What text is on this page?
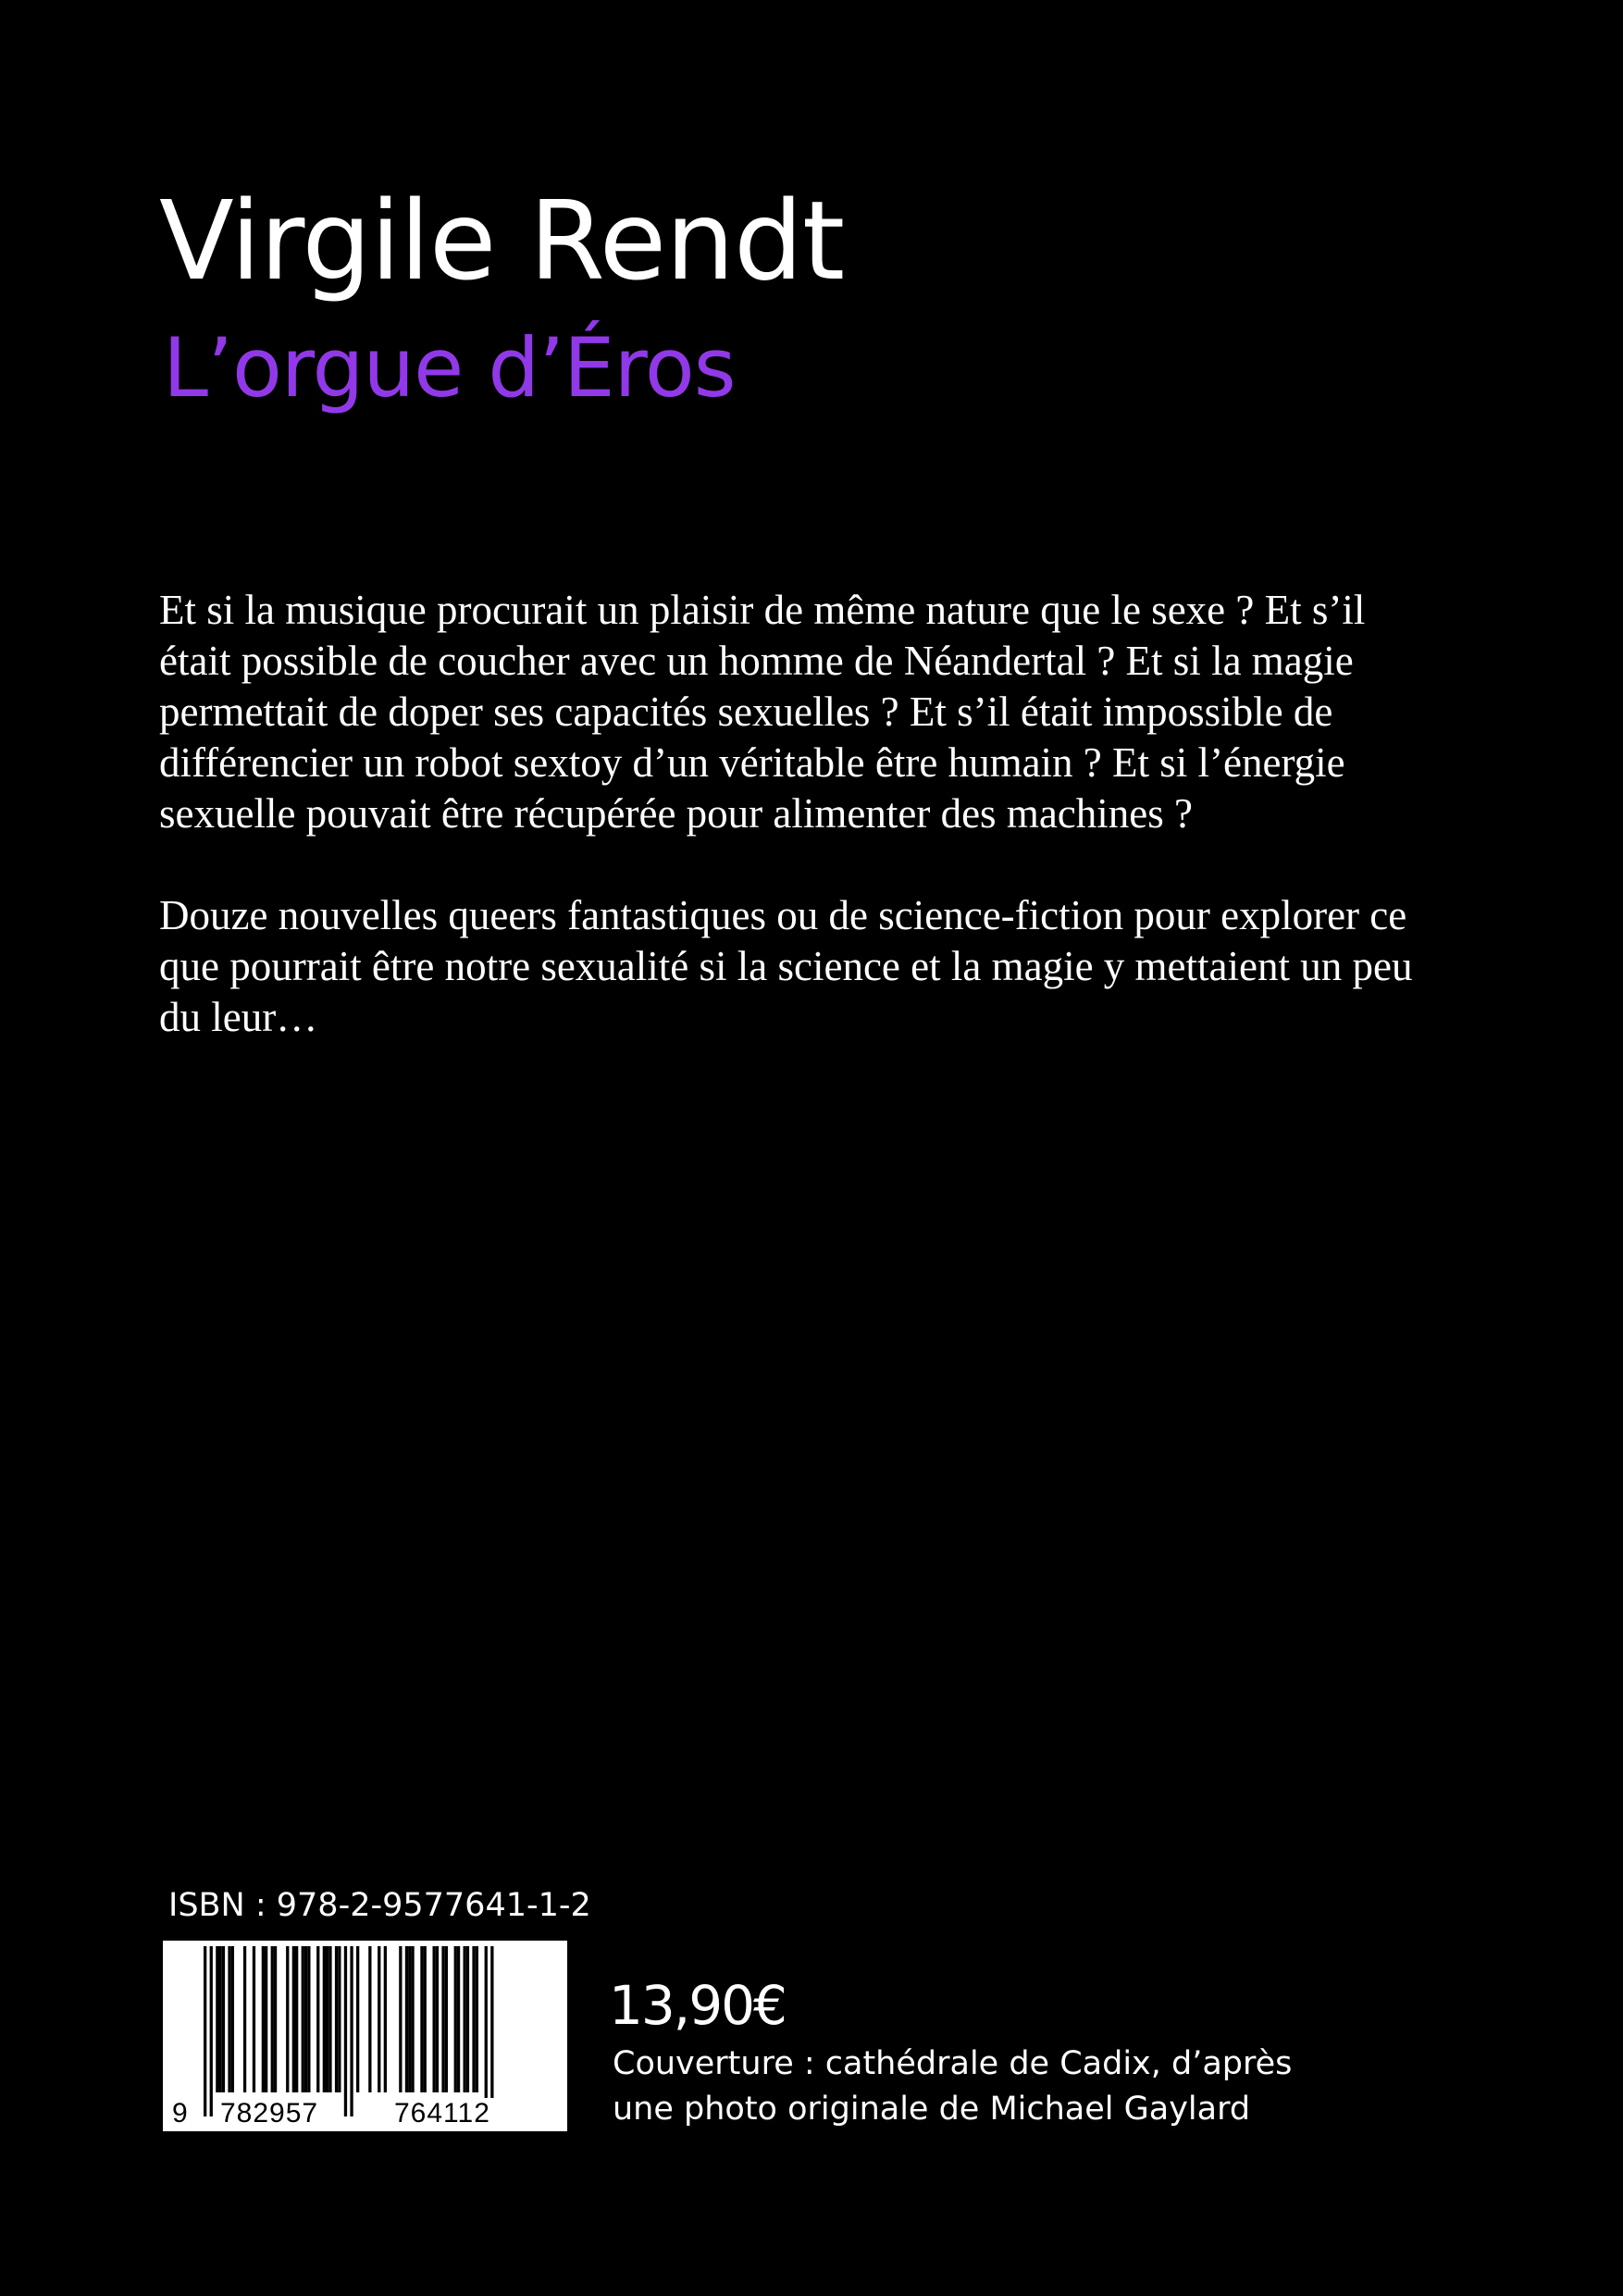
Virgile Rendt
L’orgue d’Éros

Et si la musique procurait un plaisir de même nature que le sexe ? Et s’il était possible de coucher avec un homme de Néandertal ? Et si la magie permettait de doper ses capacités sexuelles ? Et s’il était impossible de différencier un robot sextoy d’un véritable être humain ? Et si l’énergie sexuelle pouvait être récupérée pour alimenter des machines ?

Douze nouvelles queers fantastiques ou de science-fiction pour explorer ce que pourrait être notre sexualité si la science et la magie y mettaient un peu du leur…

ISBN : 978-2-9577641-1-2
9 782957	764112
13,90€
Couverture : cathédrale de Cadix, d’après
une photo originale de Michael Gaylard
